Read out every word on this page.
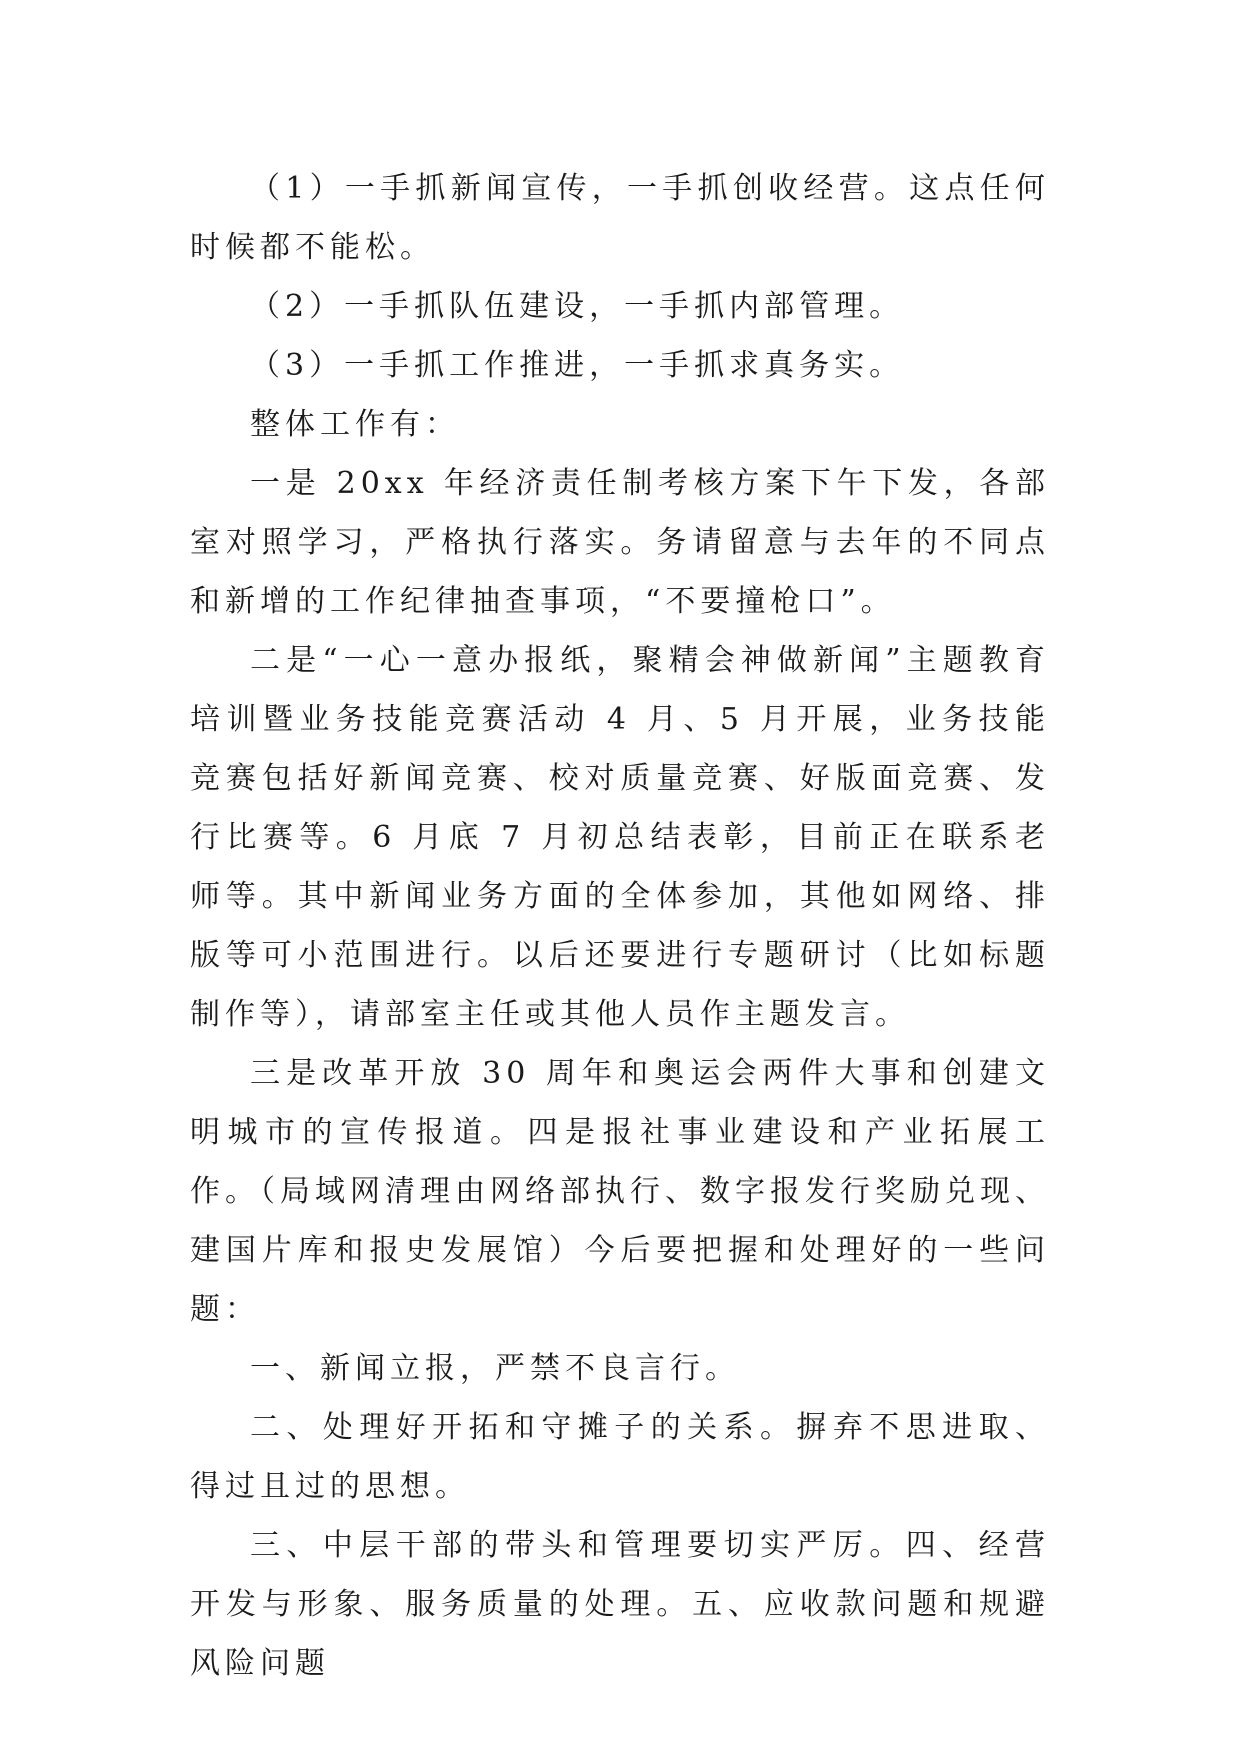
（1）一手抓新闻宣传，一手抓创收经营。这点任何时候都不能松。

（2）一手抓队伍建设，一手抓内部管理。

（3）一手抓工作推进，一手抓求真务实。

整体工作有：

一是 20xx 年经济责任制考核方案下午下发，各部室对照学习，严格执行落实。务请留意与去年的不同点和新增的工作纪律抽查事项，“不要撞枪口”。

二是“一心一意办报纸，聚精会神做新闻”主题教育培训暨业务技能竞赛活动 4 月、5 月开展，业务技能竞赛包括好新闻竞赛、校对质量竞赛、好版面竞赛、发行比赛等。6 月底 7 月初总结表彰，目前正在联系老师等。其中新闻业务方面的全体参加，其他如网络、排版等可小范围进行。以后还要进行专题研讨（比如标题制作等），请部室主任或其他人员作主题发言。

三是改革开放 30 周年和奥运会两件大事和创建文明城市的宣传报道。四是报社事业建设和产业拓展工作。（局域网清理由网络部执行、数字报发行奖励兑现、建国片库和报史发展馆）今后要把握和处理好的一些问题：

一、新闻立报，严禁不良言行。

二、处理好开拓和守摊子的关系。摒弃不思进取、得过且过的思想。

三、中层干部的带头和管理要切实严厉。四、经营开发与形象、服务质量的处理。五、应收款问题和规避风险问题
